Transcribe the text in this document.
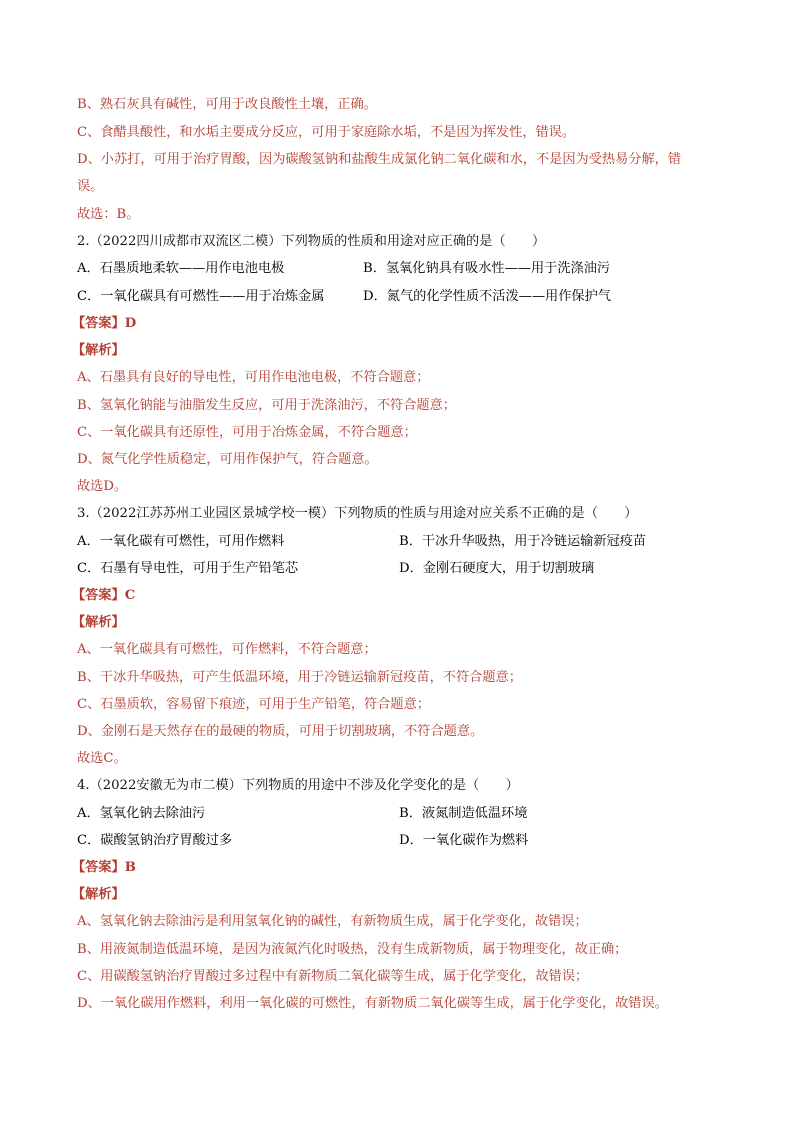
B、熟石灰具有碱性，可用于改良酸性土壤，正确。
C、食醋具酸性，和水垢主要成分反应，可用于家庭除水垢，不是因为挥发性，错误。
D、小苏打，可用于治疗胃酸，因为碳酸氢钠和盐酸生成氯化钠二氧化碳和水，不是因为受热易分解，错
误。
故选：B。
2.（2022四川成都市双流区二模）下列物质的性质和用途对应正确的是（　　）
A．石墨质地柔软——用作电池电极	B．氢氧化钠具有吸水性——用于洗涤油污
C．一氧化碳具有可燃性——用于冶炼金属	D．氮气的化学性质不活泼——用作保护气
【答案】D
【解析】
A、石墨具有良好的导电性，可用作电池电极，不符合题意；
B、氢氧化钠能与油脂发生反应，可用于洗涤油污，不符合题意；
C、一氧化碳具有还原性，可用于冶炼金属，不符合题意；
D、氮气化学性质稳定，可用作保护气，符合题意。
故选D。
3.（2022江苏苏州工业园区景城学校一模）下列物质的性质与用途对应关系不正确的是（　　）
A．一氧化碳有可燃性，可用作燃料	B．干冰升华吸热，用于冷链运输新冠疫苗
C．石墨有导电性，可用于生产铅笔芯	D．金刚石硬度大，用于切割玻璃
【答案】C
【解析】
A、一氧化碳具有可燃性，可作燃料，不符合题意；
B、干冰升华吸热，可产生低温环境，用于冷链运输新冠疫苗，不符合题意；
C、石墨质软，容易留下痕迹，可用于生产铅笔，符合题意；
D、金刚石是天然存在的最硬的物质，可用于切割玻璃，不符合题意。
故选C。
4.（2022安徽无为市二模）下列物质的用途中不涉及化学变化的是（　　）
A．氢氧化钠去除油污	B．液氮制造低温环境
C．碳酸氢钠治疗胃酸过多	D．一氧化碳作为燃料
【答案】B
【解析】
A、氢氧化钠去除油污是利用氢氧化钠的碱性，有新物质生成，属于化学变化，故错误；
B、用液氮制造低温环境，是因为液氮汽化时吸热，没有生成新物质，属于物理变化，故正确；
C、用碳酸氢钠治疗胃酸过多过程中有新物质二氧化碳等生成，属于化学变化，故错误；
D、一氧化碳用作燃料，利用一氧化碳的可燃性，有新物质二氧化碳等生成，属于化学变化，故错误。
